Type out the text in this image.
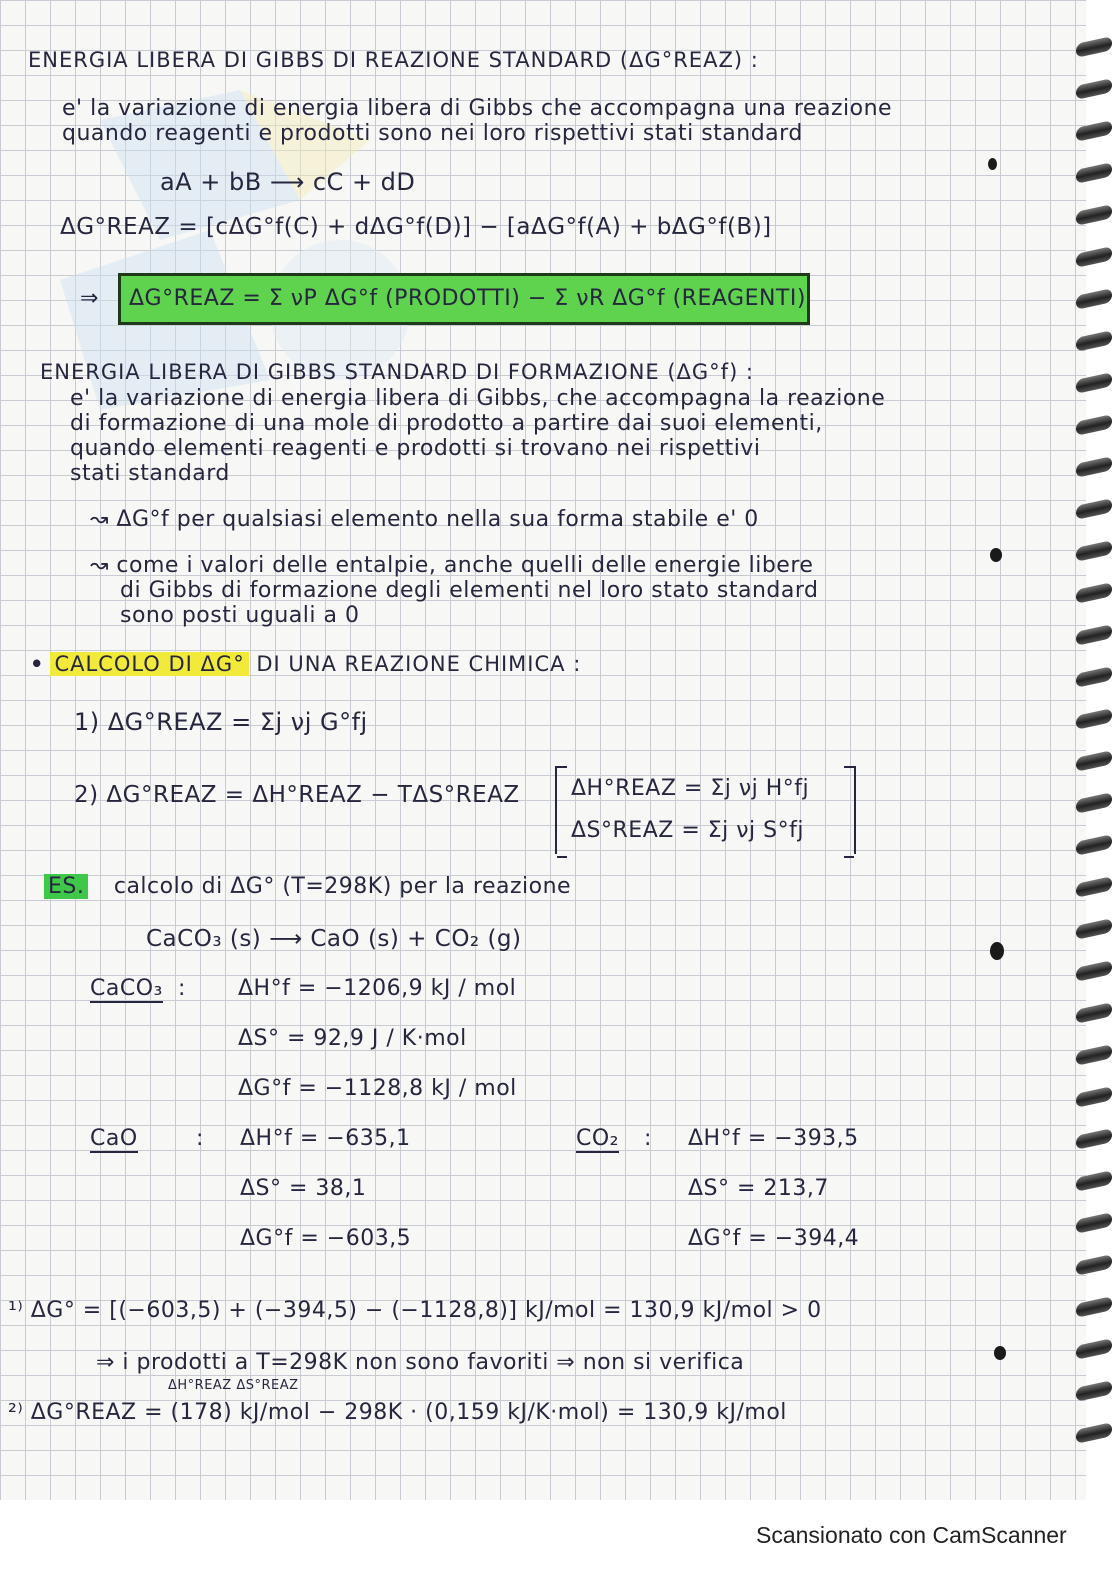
ENERGIA LIBERA DI GIBBS DI REAZIONE STANDARD (ΔG°REAZ) :
e' la variazione di energia libera di Gibbs che accompagna una reazione
quando reagenti e prodotti sono nei loro rispettivi stati standard
aA + bB ⟶ cC + dD
ΔG°REAZ = [cΔG°f(C) + dΔG°f(D)] − [aΔG°f(A) + bΔG°f(B)]
⇒ ΔG°REAZ = Σ νP ΔG°f (PRODOTTI) − Σ νR ΔG°f (REAGENTI)
ENERGIA LIBERA DI GIBBS STANDARD DI FORMAZIONE (ΔG°f) :
e' la variazione di energia libera di Gibbs, che accompagna la reazione
di formazione di una mole di prodotto a partire dai suoi elementi,
quando elementi reagenti e prodotti si trovano nei rispettivi
stati standard
↝ ΔG°f per qualsiasi elemento nella sua forma stabile e' 0
↝ come i valori delle entalpie, anche quelli delle energie libere
di Gibbs di formazione degli elementi nel loro stato standard
sono posti uguali a 0
• CALCOLO DI ΔG° DI UNA REAZIONE CHIMICA :
1) ΔG°REAZ = Σj νj G°fj
2) ΔG°REAZ = ΔH°REAZ − TΔS°REAZ ΔH°REAZ = Σj νj H°fj
ΔS°REAZ = Σj νj S°fj
ES. calcolo di ΔG° (T=298K) per la reazione
CaCO₃ (s) ⟶ CaO (s) + CO₂ (g)
CaCO₃ : ΔH°f = −1206,9 kJ / mol
ΔS° = 92,9 J / K·mol
ΔG°f = −1128,8 kJ / mol
CaO	: ΔH°f = −635,1
ΔS° = 38,1
ΔG°f = −603,5
CO₂ : ΔH°f = −393,5
ΔS° = 213,7
ΔG°f = −394,4
¹⁾ ΔG° = [(−603,5) + (−394,5) − (−1128,8)] kJ/mol = 130,9 kJ/mol > 0
⇒ i prodotti a T=298K non sono favoriti ⇒ non si verifica
ΔH°REAZ ΔS°REAZ
²⁾ ΔG°REAZ = (178) kJ/mol − 298K · (0,159 kJ/K·mol) = 130,9 kJ/mol
Scansionato con CamScanner
